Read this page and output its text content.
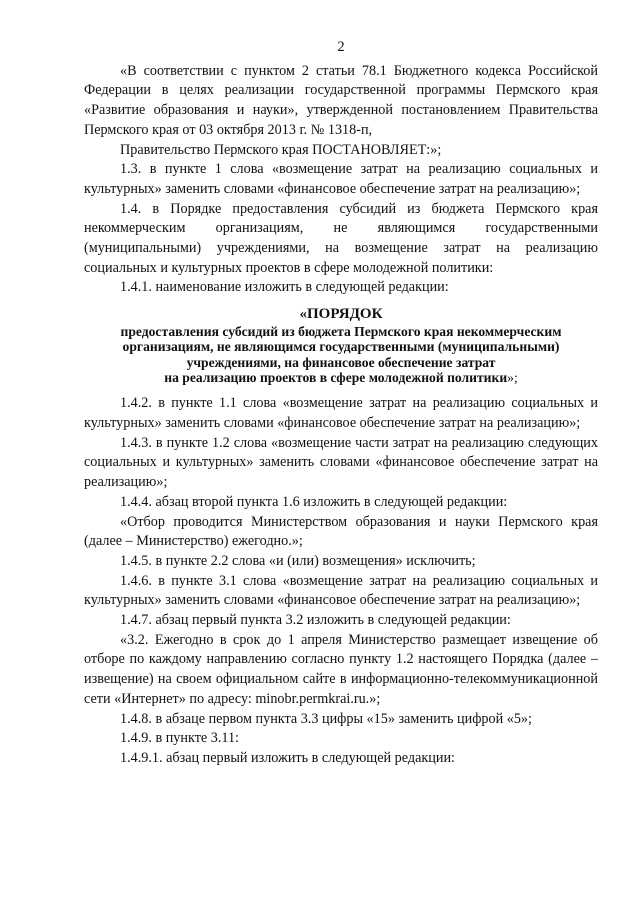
2

«В соответствии с пунктом 2 статьи 78.1 Бюджетного кодекса Российской Федерации в целях реализации государственной программы Пермского края «Развитие образования и науки», утвержденной постановлением Правительства Пермского края от 03 октября 2013 г. № 1318-п,

Правительство Пермского края ПОСТАНОВЛЯЕТ:»;

1.3. в пункте 1 слова «возмещение затрат на реализацию социальных и культурных» заменить словами «финансовое обеспечение затрат на реализацию»;

1.4. в Порядке предоставления субсидий из бюджета Пермского края некоммерческим организациям, не являющимся государственными (муниципальными) учреждениями, на возмещение затрат на реализацию социальных и культурных проектов в сфере молодежной политики:

1.4.1. наименование изложить в следующей редакции:

«ПОРЯДОК
предоставления субсидий из бюджета Пермского края некоммерческим
организациям, не являющимся государственными (муниципальными)
учреждениями, на финансовое обеспечение затрат
на реализацию проектов в сфере молодежной политики»;

1.4.2. в пункте 1.1 слова «возмещение затрат на реализацию социальных и культурных» заменить словами «финансовое обеспечение затрат на реализацию»;

1.4.3. в пункте 1.2 слова «возмещение части затрат на реализацию следующих социальных и культурных» заменить словами «финансовое обеспечение затрат на реализацию»;

1.4.4. абзац второй пункта 1.6 изложить в следующей редакции:

«Отбор проводится Министерством образования и науки Пермского края (далее – Министерство) ежегодно.»;

1.4.5. в пункте 2.2 слова «и (или) возмещения» исключить;

1.4.6. в пункте 3.1 слова «возмещение затрат на реализацию социальных и культурных» заменить словами «финансовое обеспечение затрат на реализацию»;

1.4.7. абзац первый пункта 3.2 изложить в следующей редакции:

«3.2. Ежегодно в срок до 1 апреля Министерство размещает извещение об отборе по каждому направлению согласно пункту 1.2 настоящего Порядка (далее – извещение) на своем официальном сайте в информационно-телекоммуникационной сети «Интернет» по адресу: minobr.permkrai.ru.»;

1.4.8. в абзаце первом пункта 3.3 цифры «15» заменить цифрой «5»;

1.4.9. в пункте 3.11:

1.4.9.1. абзац первый изложить в следующей редакции:
